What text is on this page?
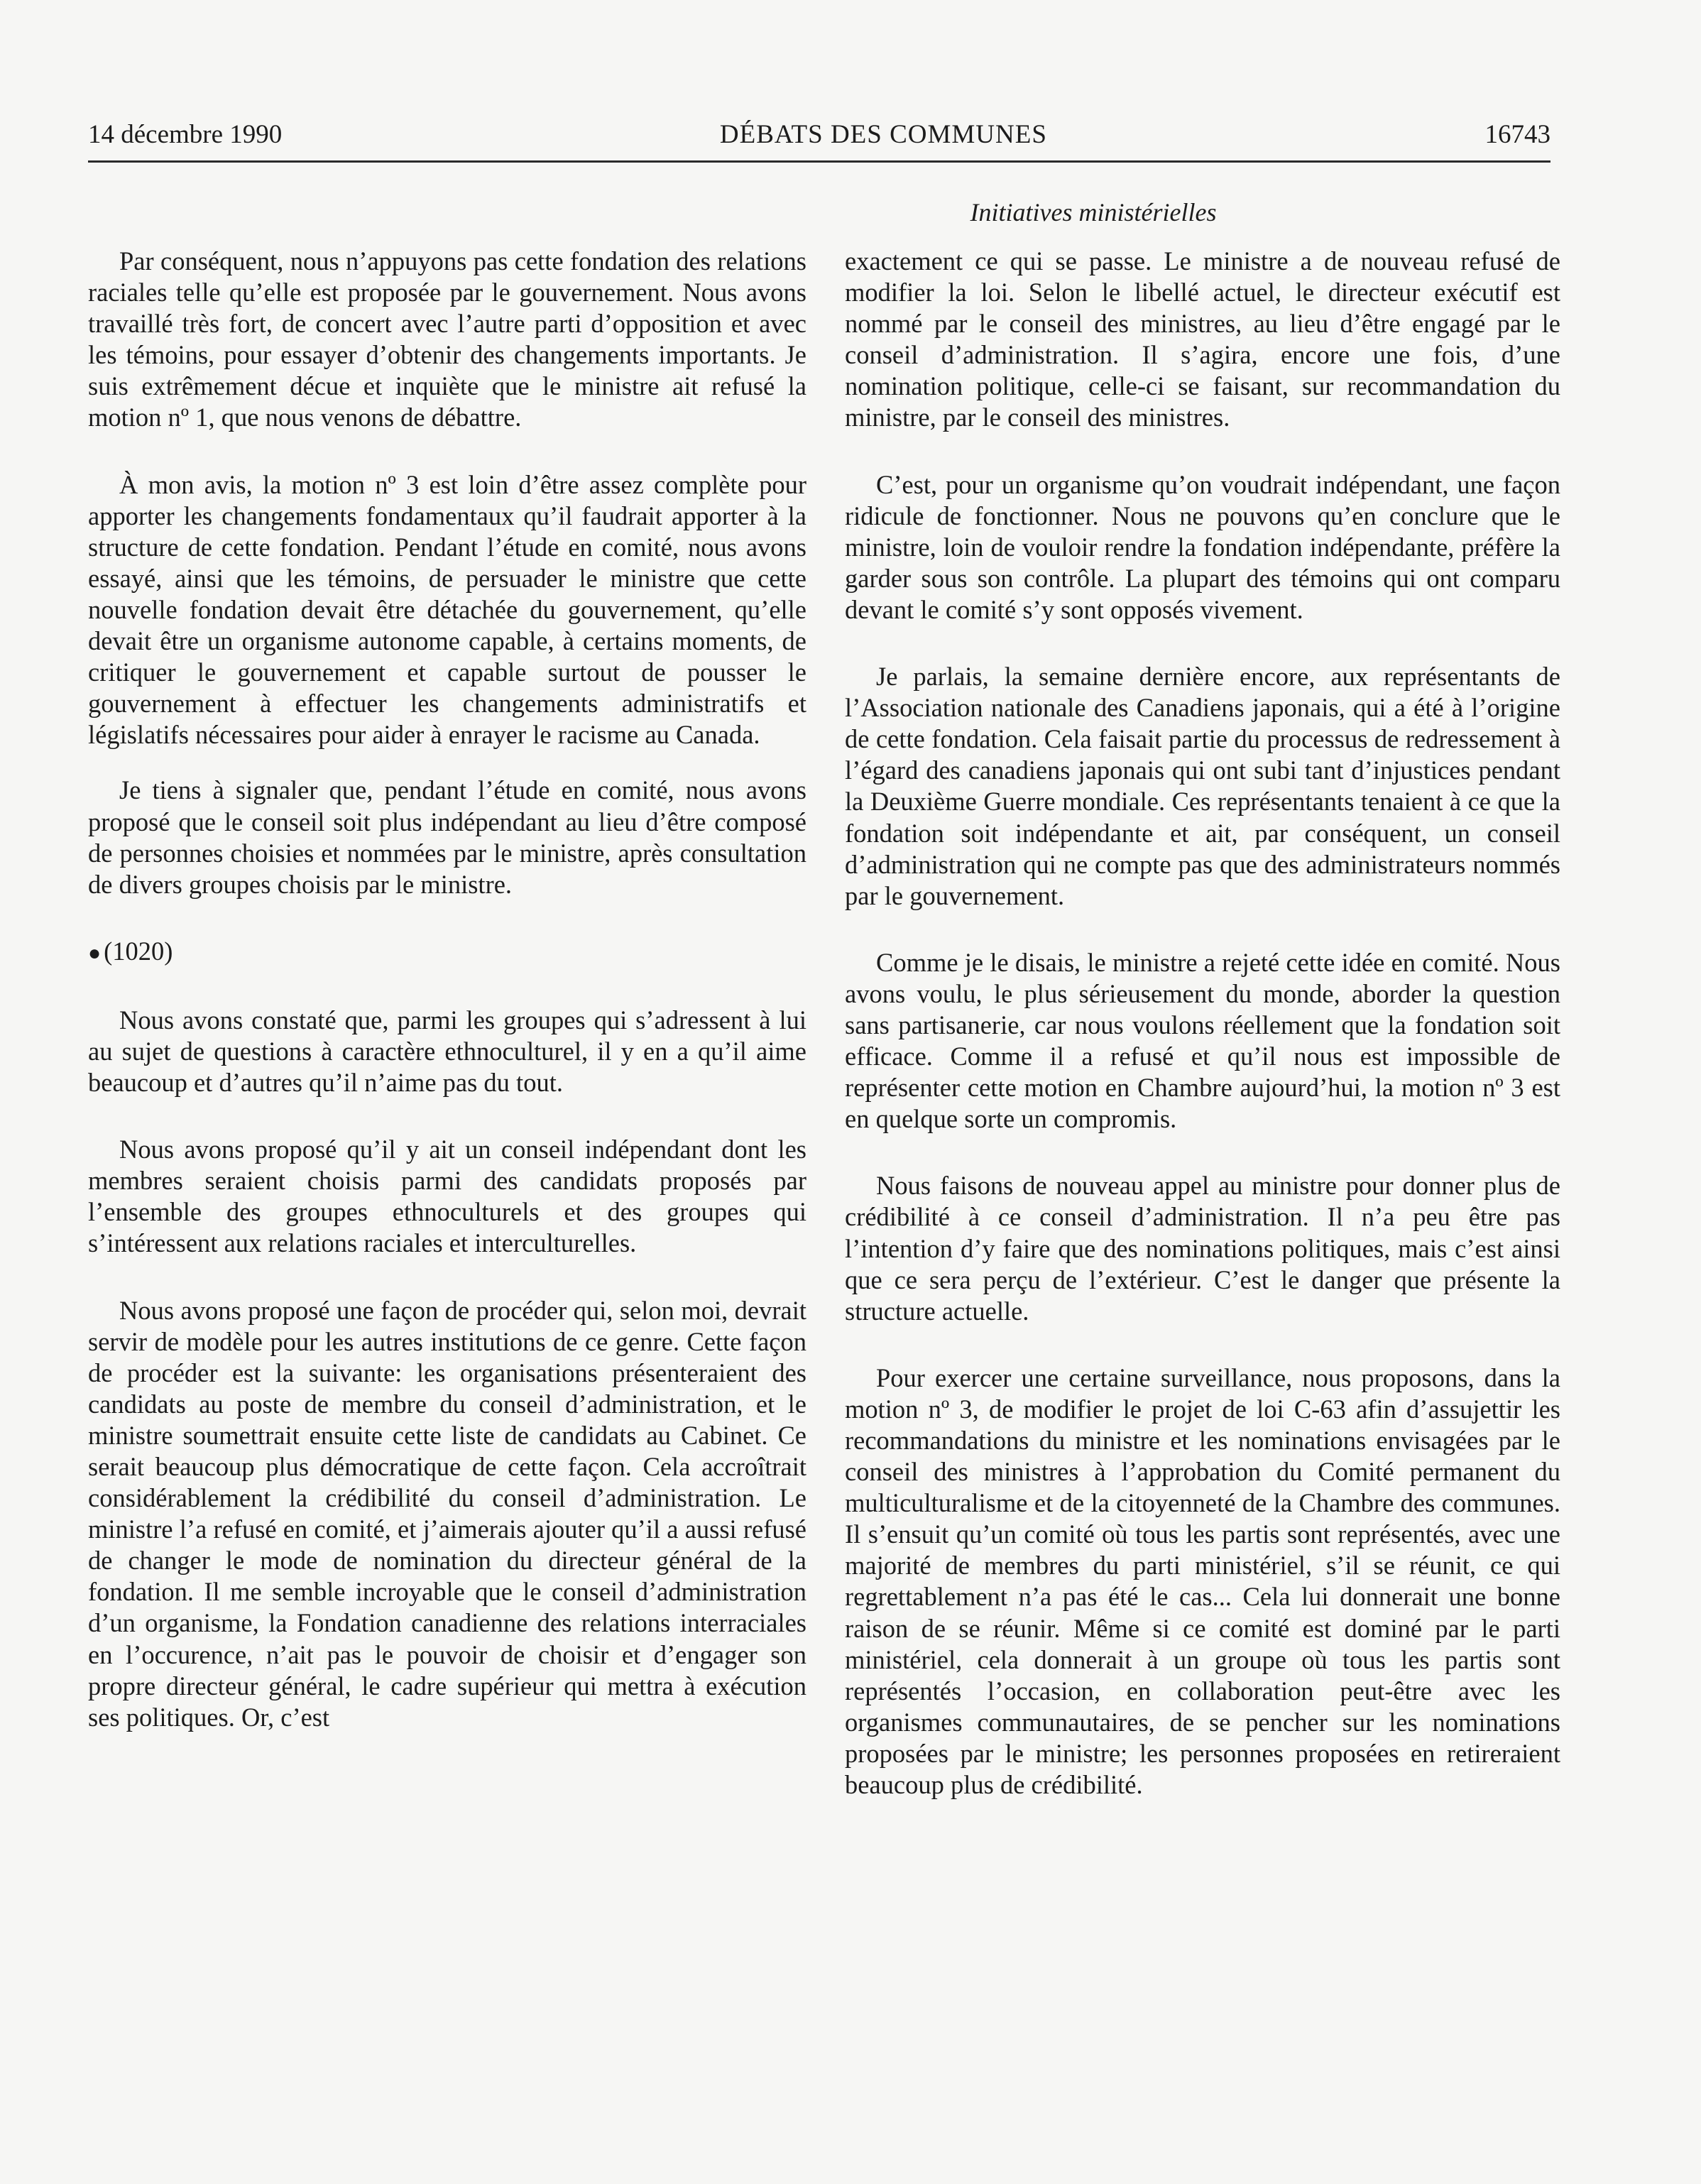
14 décembre 1990	DÉBATS DES COMMUNES	16743
Initiatives ministérielles

Par conséquent, nous n’appuyons pas cette fondation des relations raciales telle qu’elle est proposée par le gouvernement. Nous avons travaillé très fort, de concert avec l’autre parti d’opposition et avec les témoins, pour essayer d’obtenir des changements importants. Je suis extrêmement décue et inquiète que le ministre ait refusé la motion nº 1, que nous venons de débattre.

À mon avis, la motion nº 3 est loin d’être assez complète pour apporter les changements fondamentaux qu’il faudrait apporter à la structure de cette fondation. Pendant l’étude en comité, nous avons essayé, ainsi que les témoins, de persuader le ministre que cette nouvelle fondation devait être détachée du gouvernement, qu’elle devait être un organisme autonome capable, à certains moments, de critiquer le gouvernement et capable surtout de pousser le gouvernement à effectuer les changements administratifs et législatifs nécessaires pour aider à enrayer le racisme au Canada.

Je tiens à signaler que, pendant l’étude en comité, nous avons proposé que le conseil soit plus indépendant au lieu d’être composé de personnes choisies et nommées par le ministre, après consultation de divers groupes choisis par le ministre.

● (1020)

Nous avons constaté que, parmi les groupes qui s’adressent à lui au sujet de questions à caractère ethnoculturel, il y en a qu’il aime beaucoup et d’autres qu’il n’aime pas du tout.

Nous avons proposé qu’il y ait un conseil indépendant dont les membres seraient choisis parmi des candidats proposés par l’ensemble des groupes ethnoculturels et des groupes qui s’intéressent aux relations raciales et interculturelles.

Nous avons proposé une façon de procéder qui, selon moi, devrait servir de modèle pour les autres institutions de ce genre. Cette façon de procéder est la suivante: les organisations présenteraient des candidats au poste de membre du conseil d’administration, et le ministre soumettrait ensuite cette liste de candidats au Cabinet. Ce serait beaucoup plus démocratique de cette façon. Cela accroîtrait considérablement la crédibilité du conseil d’administration. Le ministre l’a refusé en comité, et j’aimerais ajouter qu’il a aussi refusé de changer le mode de nomination du directeur général de la fondation. Il me semble incroyable que le conseil d’administration d’un organisme, la Fondation canadienne des relations interraciales en l’occurence, n’ait pas le pouvoir de choisir et d’engager son propre directeur général, le cadre supérieur qui mettra à exécution ses politiques. Or, c’est

exactement ce qui se passe. Le ministre a de nouveau refusé de modifier la loi. Selon le libellé actuel, le directeur exécutif est nommé par le conseil des ministres, au lieu d’être engagé par le conseil d’administration. Il s’agira, encore une fois, d’une nomination politique, celle-ci se faisant, sur recommandation du ministre, par le conseil des ministres.

C’est, pour un organisme qu’on voudrait indépendant, une façon ridicule de fonctionner. Nous ne pouvons qu’en conclure que le ministre, loin de vouloir rendre la fondation indépendante, préfère la garder sous son contrôle. La plupart des témoins qui ont comparu devant le comité s’y sont opposés vivement.

Je parlais, la semaine dernière encore, aux représentants de l’Association nationale des Canadiens japonais, qui a été à l’origine de cette fondation. Cela faisait partie du processus de redressement à l’égard des canadiens japonais qui ont subi tant d’injustices pendant la Deuxième Guerre mondiale. Ces représentants tenaient à ce que la fondation soit indépendante et ait, par conséquent, un conseil d’administration qui ne compte pas que des administrateurs nommés par le gouvernement.

Comme je le disais, le ministre a rejeté cette idée en comité. Nous avons voulu, le plus sérieusement du monde, aborder la question sans partisanerie, car nous voulons réellement que la fondation soit efficace. Comme il a refusé et qu’il nous est impossible de représenter cette motion en Chambre aujourd’hui, la motion nº 3 est en quelque sorte un compromis.

Nous faisons de nouveau appel au ministre pour donner plus de crédibilité à ce conseil d’administration. Il n’a peu être pas l’intention d’y faire que des nominations politiques, mais c’est ainsi que ce sera perçu de l’extérieur. C’est le danger que présente la structure actuelle.

Pour exercer une certaine surveillance, nous proposons, dans la motion nº 3, de modifier le projet de loi C-63 afin d’assujettir les recommandations du ministre et les nominations envisagées par le conseil des ministres à l’approbation du Comité permanent du multiculturalisme et de la citoyenneté de la Chambre des communes. Il s’ensuit qu’un comité où tous les partis sont représentés, avec une majorité de membres du parti ministériel, s’il se réunit, ce qui regrettablement n’a pas été le cas... Cela lui donnerait une bonne raison de se réunir. Même si ce comité est dominé par le parti ministériel, cela donnerait à un groupe où tous les partis sont représentés l’occasion, en collaboration peut-être avec les organismes communautaires, de se pencher sur les nominations proposées par le ministre; les personnes proposées en retireraient beaucoup plus de crédibilité.
